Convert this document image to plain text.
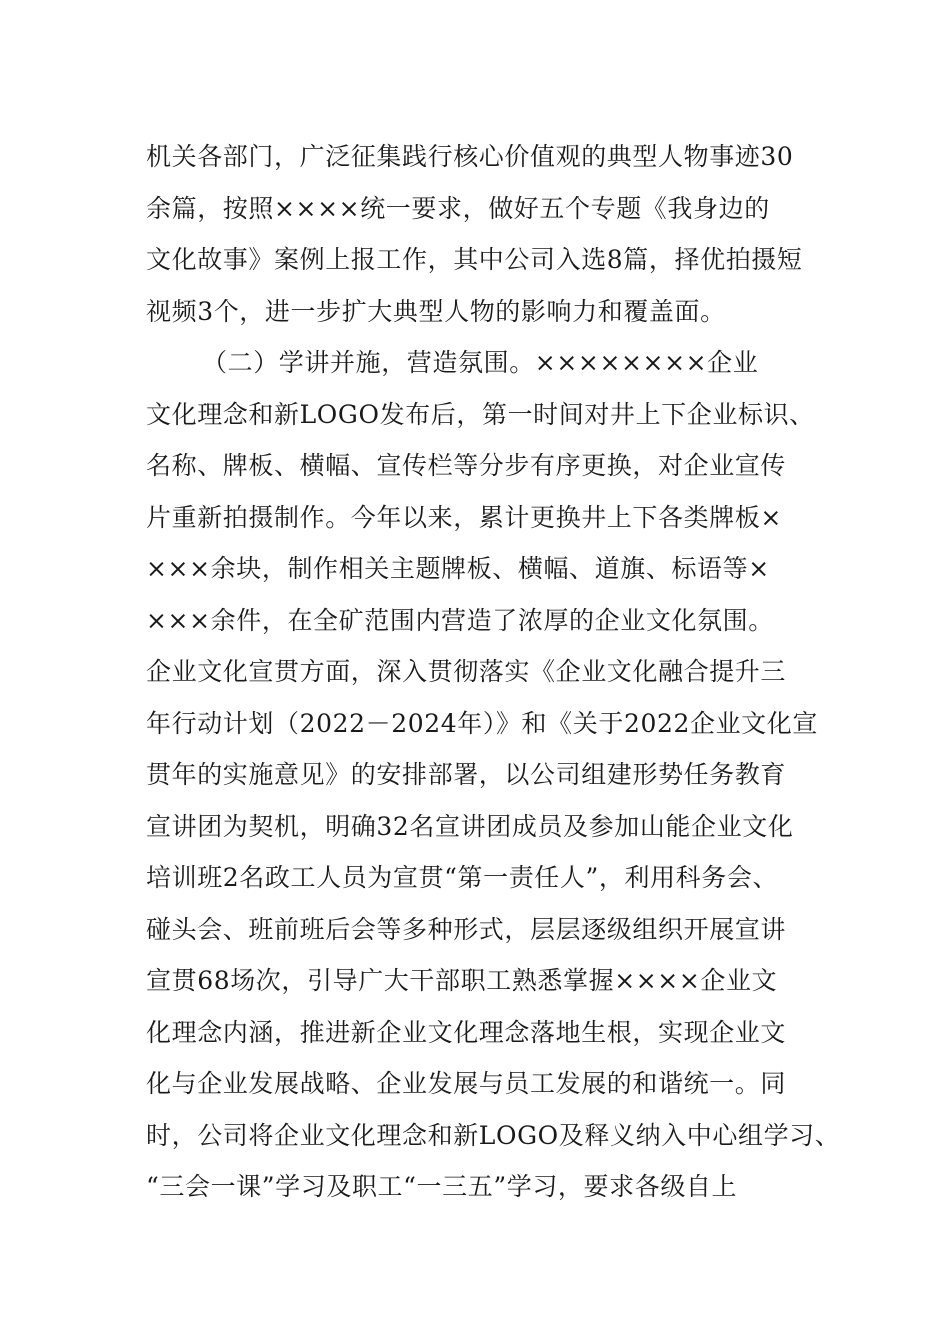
机关各部门，广泛征集践行核心价值观的典型人物事迹30
余篇，按照××××统一要求，做好五个专题《我身边的
文化故事》案例上报工作，其中公司入选8篇，择优拍摄短
视频3个，进一步扩大典型人物的影响力和覆盖面。
（二）学讲并施，营造氛围。××××××××企业
文化理念和新LOGO发布后，第一时间对井上下企业标识、
名称、牌板、横幅、宣传栏等分步有序更换，对企业宣传
片重新拍摄制作。今年以来，累计更换井上下各类牌板×
×××余块，制作相关主题牌板、横幅、道旗、标语等×
×××余件，在全矿范围内营造了浓厚的企业文化氛围。
企业文化宣贯方面，深入贯彻落实《企业文化融合提升三
年行动计划（2022－2024年）》和《关于2022企业文化宣
贯年的实施意见》的安排部署，以公司组建形势任务教育
宣讲团为契机，明确32名宣讲团成员及参加山能企业文化
培训班2名政工人员为宣贯“第一责任人”，利用科务会、
碰头会、班前班后会等多种形式，层层逐级组织开展宣讲
宣贯68场次，引导广大干部职工熟悉掌握××××企业文
化理念内涵，推进新企业文化理念落地生根，实现企业文
化与企业发展战略、企业发展与员工发展的和谐统一。同
时，公司将企业文化理念和新LOGO及释义纳入中心组学习、
“三会一课”学习及职工“一三五”学习，要求各级自上
